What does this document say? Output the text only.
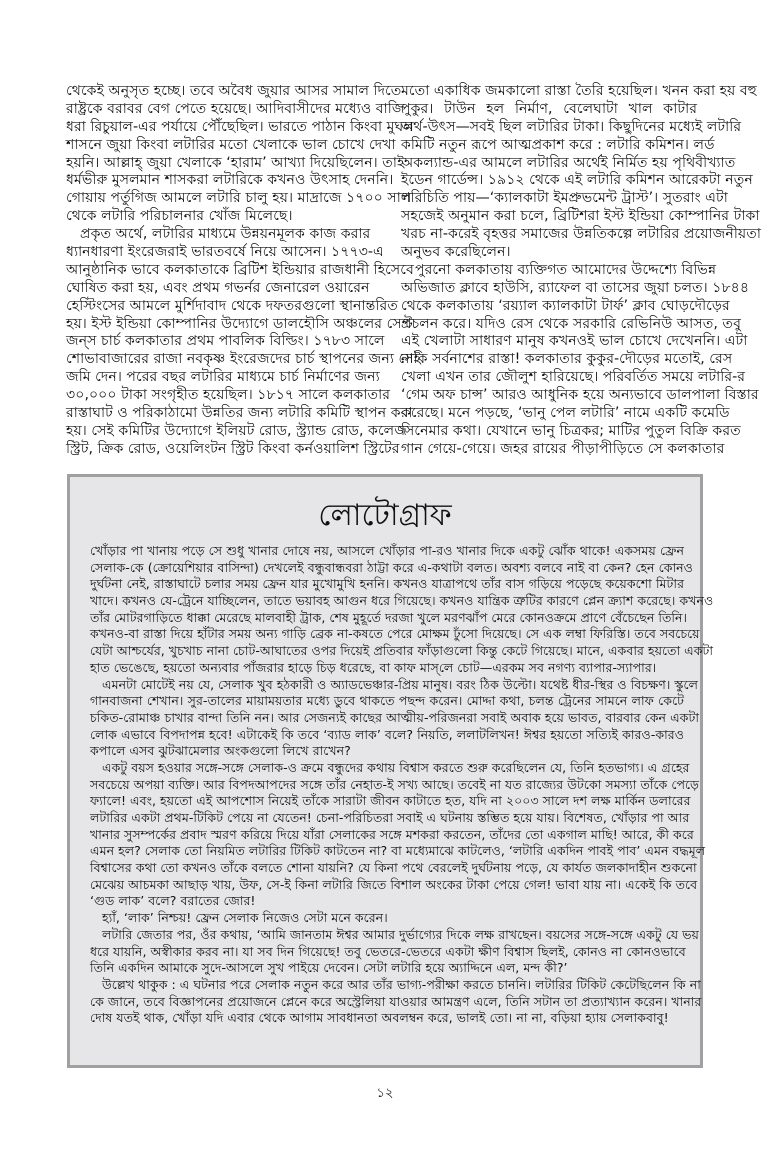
থেকেই অনুসৃত হচ্ছে। তবে অবৈধ জুয়ার আসর সামাল দিতে
রাষ্ট্রকে বরাবর বেগ পেতে হয়েছে। আদিবাসীদের মধ্যেও বাজি
ধরা রিচুয়াল-এর পর্যায়ে পৌঁছেছিল। ভারতে পাঠান কিংবা মুঘল
শাসনে জুয়া কিংবা লটারির মতো খেলাকে ভাল চোখে দেখা
হয়নি। আল্লাহ্‌ জুয়া খেলাকে ‘হারাম’ আখ্যা দিয়েছিলেন। তাই
ধর্মভীরু মুসলমান শাসকরা লটারিকে কখনও উৎসাহ দেননি।
গোয়ায় পর্তুগিজ আমলে লটারি চালু হয়। মাদ্রাজে ১৭০০ সাল
থেকে লটারি পরিচালনার খোঁজ মিলেছে।
প্রকৃত অর্থে, লটারির মাধ্যমে উন্নয়নমূলক কাজ করার
ধ্যানধারণা ইংরেজরাই ভারতবর্ষে নিয়ে আসেন। ১৭৭৩-এ
আনুষ্ঠানিক ভাবে কলকাতাকে ব্রিটিশ ইন্ডিয়ার রাজধানী হিসেবে
ঘোষিত করা হয়, এবং প্রথম গভর্নর জেনারেল ওয়ারেন
হেস্টিংসের আমলে মুর্শিদাবাদ থেকে দফতরগুলো স্থানান্তরিত
হয়। ইস্ট ইন্ডিয়া কোম্পানির উদ্যোগে ডালহৌসি অঞ্চলের সেন্ট
জন্‌স চার্চ কলকাতার প্রথম পাবলিক বিল্ডিং। ১৭৮৩ সালে
শোভাবাজারের রাজা নবকৃষ্ণ ইংরেজদের চার্চ স্থাপনের জন্য সেই
জমি দেন। পরের বছর লটারির মাধ্যমে চার্চ নির্মাণের জন্য
৩০,০০০ টাকা সংগৃহীত হয়েছিল। ১৮১৭ সালে কলকাতার
রাস্তাঘাট ও পরিকাঠামো উন্নতির জন্য লটারি কমিটি স্থাপন করা
হয়। সেই কমিটির উদ্যোগে ইলিয়ট রোড, স্ট্র্যান্ড রোড, কলেজ
স্ট্রিট, ক্রিক রোড, ওয়েলিংটন স্ট্রিট কিংবা কর্নওয়ালিশ স্ট্রিটের
মতো একাধিক জমকালো রাস্তা তৈরি হয়েছিল। খনন করা হয় বহু
পুকুর। টাউন হল নির্মাণ, বেলেঘাটা খাল কাটার
অর্থ-উৎস—সবই ছিল লটারির টাকা। কিছুদিনের মধ্যেই লটারি
কমিটি নতুন রূপে আত্মপ্রকাশ করে : লটারি কমিশন। লর্ড
অকল্যান্ড-এর আমলে লটারির অর্থেই নির্মিত হয় পৃথিবীখ্যাত
ইডেন গার্ডেন্স। ১৯১২ থেকে এই লটারি কমিশন আরেকটা নতুন
পরিচিতি পায়—‘ক্যালকাটা ইমপ্রুভমেন্ট ট্রাস্ট’। সুতরাং এটা
সহজেই অনুমান করা চলে, ব্রিটিশরা ইস্ট ইন্ডিয়া কোম্পানির টাকা
খরচ না-করেই বৃহত্তর সমাজের উন্নতিকল্পে লটারির প্রয়োজনীয়তা
অনুভব করেছিলেন।
পুরনো কলকাতায় ব্যক্তিগত আমোদের উদ্দেশ্যে বিভিন্ন
অভিজাত ক্লাবে হাউসি, র‍্যাফেল বা তাসের জুয়া চলত। ১৮৪৪
থেকে কলকাতায় ‘রয়্যাল ক্যালকাটা টার্ফ’ ক্লাব ঘোড়দৌড়ের
প্রচলন করে। যদিও রেস থেকে সরকারি রেভিনিউ আসত, তবু
এই খেলাটা সাধারণ মানুষ কখনওই ভাল চোখে দেখেননি। এটা
নাকি সর্বনাশের রাস্তা! কলকাতার কুকুর-দৌড়ের মতোই, রেস
খেলা এখন তার জৌলুশ হারিয়েছে। পরিবর্তিত সময়ে লটারি-র
‘গেম অফ চান্স’ আরও আধুনিক হয়ে অন্যভাবে ডালপালা বিস্তার
করেছে। মনে পড়ছে, ‘ভানু পেল লটারি’ নামে একটি কমেডি
সিনেমার কথা। যেখানে ভানু চিত্রকর; মাটির পুতুল বিক্রি করত
গান গেয়ে-গেয়ে। জহর রায়ের পীড়াপীড়িতে সে কলকাতার
লোটোগ্রাফ
খোঁড়ার পা খানায় পড়ে সে শুধু খানার দোষে নয়, আসলে খোঁড়ার পা-রও খানার দিকে একটু ঝোঁক থাকে! একসময় ফ্রেন
সেলাক-কে (ক্রোয়েশিয়ার বাসিন্দা) দেখলেই বন্ধুবান্ধবরা ঠাট্টা করে এ-কথাটা বলত। অবশ্য বলবে নাই বা কেন? হেন কোনও
দুর্ঘটনা নেই, রাস্তাঘাটে চলার সময় ফ্রেন যার মুখোমুখি হননি। কখনও যাত্রাপথে তাঁর বাস গড়িয়ে পড়েছে কয়েকশো মিটার
খাদে। কখনও যে-ট্রেনে যাচ্ছিলেন, তাতে ভয়াবহ আগুন ধরে গিয়েছে। কখনও যান্ত্রিক ত্রুটির কারণে প্লেন ক্র্যাশ করেছে। কখনও
তাঁর মোটরগাড়িতে ধাক্কা মেরেছে মালবাহী ট্রাক, শেষ মুহূর্তে দরজা খুলে মরণঝাঁপ মেরে কোনওক্রমে প্রাণে বেঁচেছেন তিনি।
কখনও-বা রাস্তা দিয়ে হাঁটার সময় অন্য গাড়ি ব্রেক না-কষতে পেরে মোক্ষম ঢুঁসো দিয়েছে। সে এক লম্বা ফিরিস্তি। তবে সবচেয়ে
যেটা আশ্চর্যের, খুচখাচ নানা চোট-আঘাতের ওপর দিয়েই প্রতিবার ফাঁড়াগুলো কিন্তু কেটে গিয়েছে। মানে, একবার হয়তো একটা
হাত ভেঙেছে, হয়তো অন্যবার পাঁজরার হাড়ে চিড় ধরেছে, বা কাফ মাস্‌লে চোট—এরকম সব নগণ্য ব্যাপার-স্যাপার।
এমনটা মোটেই নয় যে, সেলাক খুব হঠকারী ও অ্যাডভেঞ্চার-প্রিয় মানুষ। বরং ঠিক উল্টো। যথেষ্ট ধীর-স্থির ও বিচক্ষণ। স্কুলে
গানবাজনা শেখান। সুর-তালের মায়াময়তার মধ্যে ডুবে থাকতে পছন্দ করেন। মোদ্দা কথা, চলন্ত ট্রেনের সামনে লাফ কেটে
চকিত-রোমাঞ্চ চাখার বান্দা তিনি নন। আর সেজন্যই কাছের আত্মীয়-পরিজনরা সবাই অবাক হয়ে ভাবত, বারবার কেন একটা
লোক এভাবে বিপদাপন্ন হবে! এটাকেই কি তবে ‘ব্যাড লাক’ বলে? নিয়তি, ললাটলিখন! ঈশ্বর হয়তো সত্যিই কারও-কারও
কপালে এসব ঝুটঝামেলার অংকগুলো লিখে রাখেন?
একটু বয়স হওয়ার সঙ্গে-সঙ্গে সেলাক-ও ক্রমে বন্ধুদের কথায় বিশ্বাস করতে শুরু করেছিলেন যে, তিনি হতভাগ্য। এ গ্রহের
সবচেয়ে অপয়া ব্যক্তি। আর বিপদআপদের সঙ্গে তাঁর নেহাত-ই সখ্য আছে। তবেই না যত রাজ্যের উটকো সমস্যা তাঁকে পেড়ে
ফ্যালে! এবং, হয়তো এই আপশোস নিয়েই তাঁকে সারাটা জীবন কাটাতে হত, যদি না ২০০৩ সালে দশ লক্ষ মার্কিন ডলারের
লটারির একটা প্রথম-টিকিট পেয়ে না যেতেন! চেনা-পরিচিতরা সবাই এ ঘটনায় স্তম্ভিত হয়ে যায়। বিশেষত, খোঁড়ার পা আর
খানার সুসম্পর্কের প্রবাদ স্মরণ করিয়ে দিয়ে যাঁরা সেলাকের সঙ্গে মশকরা করতেন, তাঁদের তো একগাল মাছি! আরে, কী করে
এমন হল? সেলাক তো নিয়মিত লটারির টিকিট কাটতেন না? বা মধ্যেমাঝে কাটলেও, ‘লটারি একদিন পাবই পাব’ এমন বদ্ধমূল
বিশ্বাসের কথা তো কখনও তাঁকে বলতে শোনা যায়নি? যে কিনা পথে বেরলেই দুর্ঘটনায় পড়ে, যে কার্যত জলকাদাহীন শুকনো
মেঝেয় আচমকা আছাড় খায়, উফ, সে-ই কিনা লটারি জিতে বিশাল অংকের টাকা পেয়ে গেল! ভাবা যায় না। একেই কি তবে
‘গুড লাক’ বলে? বরাতের জোর!
হ্যাঁ, ‘লাক’ নিশ্চয়! ফ্রেন সেলাক নিজেও সেটা মনে করেন।
লটারি জেতার পর, ওঁর কথায়, ‘আমি জানতাম ঈশ্বর আমার দুর্ভাগ্যের দিকে লক্ষ রাখছেন। বয়সের সঙ্গে-সঙ্গে একটু যে ভয়
ধরে যায়নি, অস্বীকার করব না। যা সব দিন গিয়েছে! তবু ভেতরে-ভেতরে একটা ক্ষীণ বিশ্বাস ছিলই, কোনও না কোনওভাবে
তিনি একদিন আমাকে সুদে-আসলে সুখ পাইয়ে দেবেন। সেটা লটারি হয়ে অ্যাদ্দিনে এল, মন্দ কী?’
উল্লেখ থাকুক : এ ঘটনার পরে সেলাক নতুন করে আর তাঁর ভাগ্য-পরীক্ষা করতে চাননি। লটারির টিকিট কেটেছিলেন কি না
কে জানে, তবে বিজ্ঞাপনের প্রয়োজনে প্লেনে করে অস্ট্রেলিয়া যাওয়ার আমন্ত্রণ এলে, তিনি সটান তা প্রত্যাখ্যান করেন। খানার
দোষ যতই থাক, খোঁড়া যদি এবার থেকে আগাম সাবধানতা অবলম্বন করে, ভালই তো। না না, বড়িয়া হ্যায় সেলাকবাবু!
১২
